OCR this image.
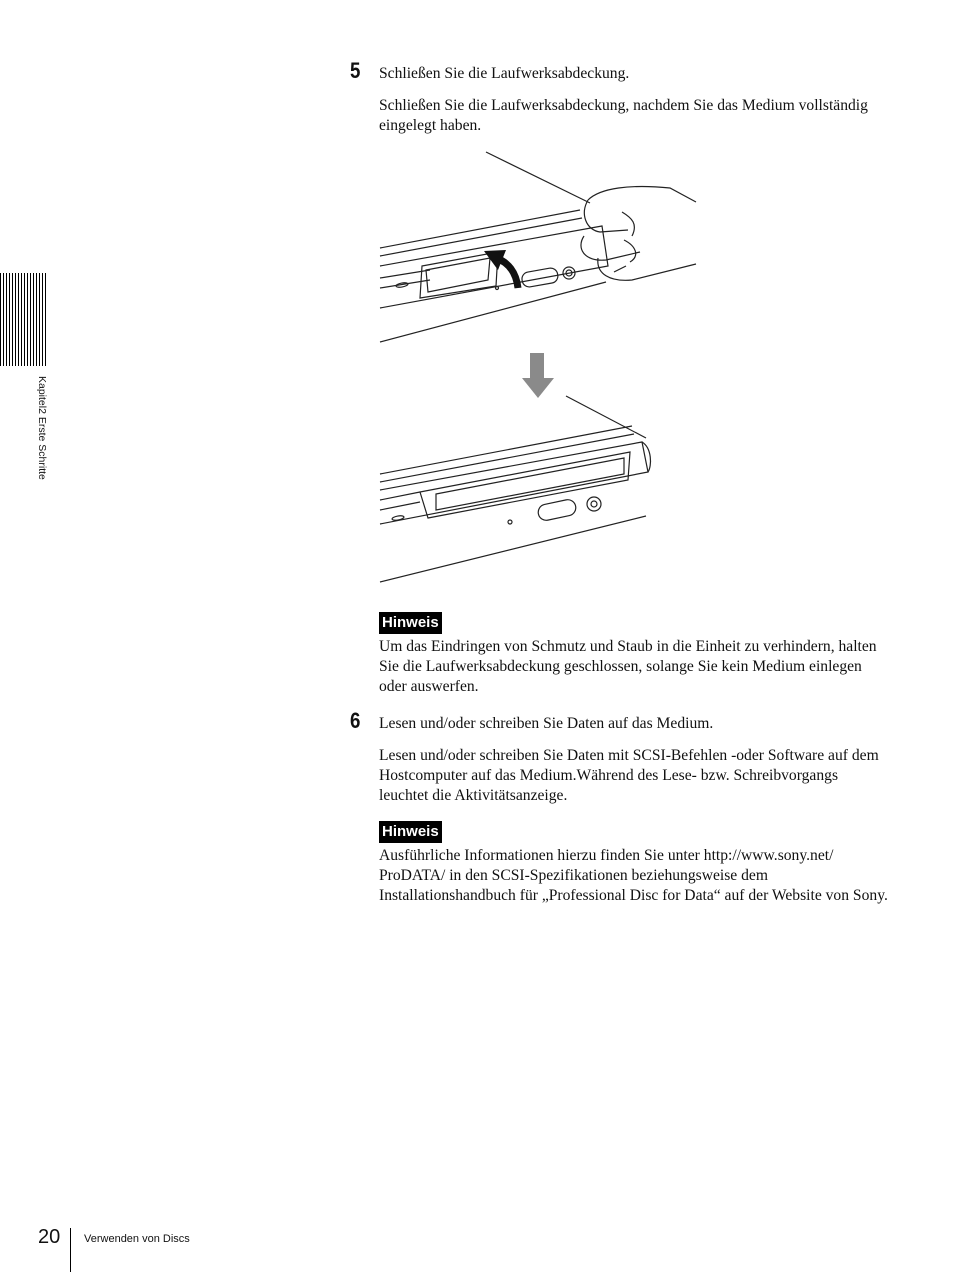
Kapitel2 Erste Schritte
5 Schließen Sie die Laufwerksabdeckung.

Schließen Sie die Laufwerksabdeckung, nachdem Sie das Medium vollständig eingelegt haben.

Hinweis

Um das Eindringen von Schmutz und Staub in die Einheit zu verhindern, halten Sie die Laufwerksabdeckung geschlossen, solange Sie kein Medium einlegen oder auswerfen.

6 Lesen und/oder schreiben Sie Daten auf das Medium.

Lesen und/oder schreiben Sie Daten mit SCSI-Befehlen -oder Software auf dem Hostcomputer auf das Medium.Während des Lese- bzw. Schreibvorgangs leuchtet die Aktivitätsanzeige.

Hinweis

Ausführliche Informationen hierzu finden Sie unter http://www.sony.net/ ProDATA/ in den SCSI-Spezifikationen beziehungsweise dem Installationshandbuch für „Professional Disc for Data“ auf der Website von Sony.

20 Verwenden von Discs
